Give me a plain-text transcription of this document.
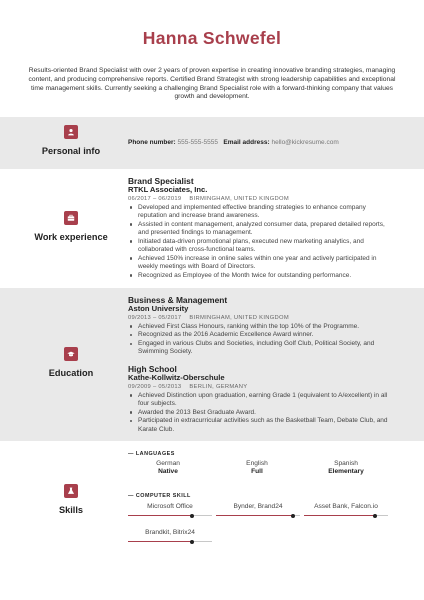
Hanna Schwefel
Results-oriented Brand Specialist with over 2 years of proven expertise in creating innovative branding strategies, managing content, and producing comprehensive reports. Certified Brand Strategist with strong leadership capabilities and exceptional time management skills. Currently seeking a challenging Brand Specialist role with a forward-thinking company that values growth and development.
Personal info
Phone number: 555-555-5555 Email address: hello@kickresume.com
Work experience
Brand Specialist
RTKL Associates, Inc.
06/2017 – 06/2019 BIRMINGHAM, UNITED KINGDOM
Developed and implemented effective branding strategies to enhance company reputation and increase brand awareness.
Assisted in content management, analyzed consumer data, prepared detailed reports, and presented findings to management.
Initiated data-driven promotional plans, executed new marketing analytics, and collaborated with cross-functional teams.
Achieved 150% increase in online sales within one year and actively participated in weekly meetings with Board of Directors.
Recognized as Employee of the Month twice for outstanding performance.
Education
Business & Management
Aston University
09/2013 – 05/2017 BIRMINGHAM, UNITED KINGDOM
Achieved First Class Honours, ranking within the top 10% of the Programme.
Recognized as the 2016 Academic Excellence Award winner.
Engaged in various Clubs and Societies, including Golf Club, Political Society, and Swimming Society.
High School
Kathe-Kollwitz-Oberschule
09/2009 – 05/2013 BERLIN, GERMANY
Achieved Distinction upon graduation, earning Grade 1 (equivalent to A/excellent) in all four subjects.
Awarded the 2013 Best Graduate Award.
Participated in extracurricular activities such as the Basketball Team, Debate Club, and Karate Club.
Skills
— LANGUAGES
German
Native
English
Full
Spanish
Elementary
— COMPUTER SKILL
Microsoft Office	Bynder, Brand24	Asset Bank, Falcon.io
Brandkit, Bitrix24
